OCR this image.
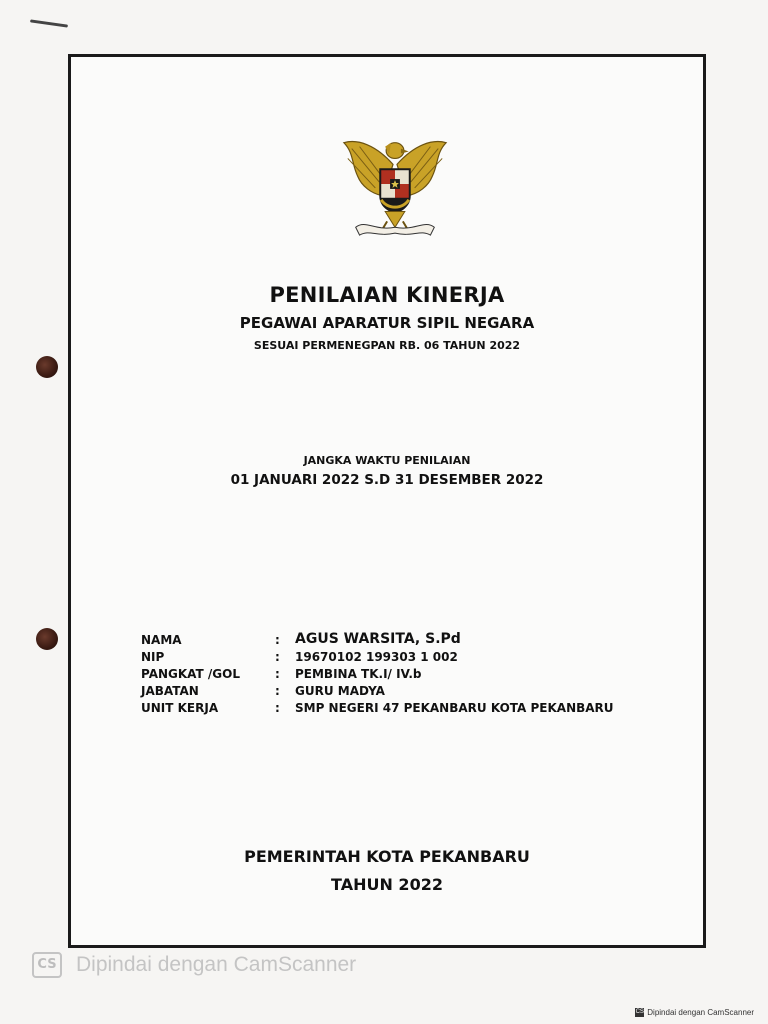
PENILAIAN KINERJA
PEGAWAI APARATUR SIPIL NEGARA
SESUAI PERMENEGPAN RB. 06 TAHUN 2022
JANGKA WAKTU PENILAIAN
01 JANUARI 2022 S.D 31 DESEMBER 2022
NAMA	:	AGUS WARSITA, S.Pd
NIP	:	19670102 199303 1 002
PANGKAT /GOL	:	PEMBINA TK.I/ IV.b
JABATAN	:	GURU MADYA
UNIT KERJA	:	SMP NEGERI 47 PEKANBARU KOTA PEKANBARU
PEMERINTAH KOTA PEKANBARU
TAHUN 2022
CS Dipindai dengan CamScanner
CS Dipindai dengan CamScanner
